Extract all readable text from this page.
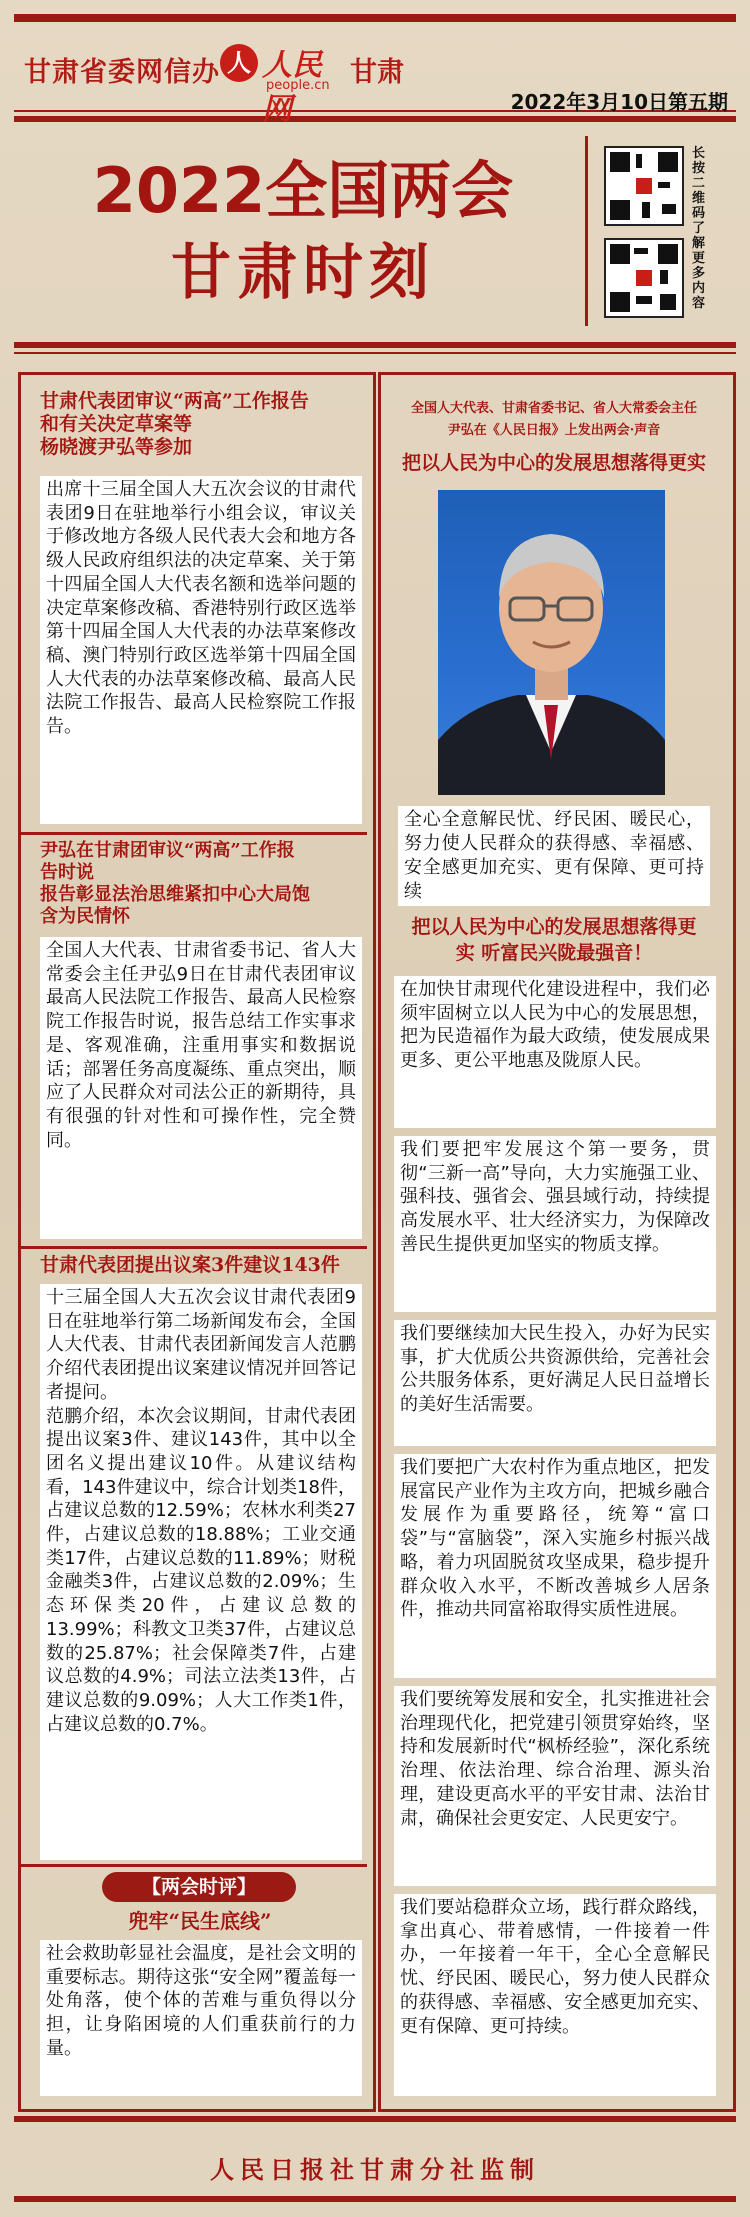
甘肃省委网信办 人 人民网
people.cn 甘肃
2022年3月10日第五期
2022全国两会
甘肃时刻
长按二维码了解更多内容
甘肃代表团审议“两高”工作报告
和有关决定草案等
杨晓渡尹弘等参加
出席十三届全国人大五次会议的甘肃代表团9日在驻地举行小组会议，审议关于修改地方各级人民代表大会和地方各级人民政府组织法的决定草案、关于第十四届全国人大代表名额和选举问题的决定草案修改稿、香港特别行政区选举第十四届全国人大代表的办法草案修改稿、澳门特别行政区选举第十四届全国人大代表的办法草案修改稿、最高人民法院工作报告、最高人民检察院工作报告。
尹弘在甘肃团审议“两高”工作报
告时说
报告彰显法治思维紧扣中心大局饱
含为民情怀
全国人大代表、甘肃省委书记、省人大常委会主任尹弘9日在甘肃代表团审议最高人民法院工作报告、最高人民检察院工作报告时说，报告总结工作实事求是、客观准确，注重用事实和数据说话；部署任务高度凝练、重点突出，顺应了人民群众对司法公正的新期待，具有很强的针对性和可操作性，完全赞同。
甘肃代表团提出议案3件建议143件
十三届全国人大五次会议甘肃代表团9日在驻地举行第二场新闻发布会，全国人大代表、甘肃代表团新闻发言人范鹏介绍代表团提出议案建议情况并回答记者提问。
范鹏介绍，本次会议期间，甘肃代表团提出议案3件、建议143件，其中以全团名义提出建议10件。从建议结构看，143件建议中，综合计划类18件，占建议总数的12.59%；农林水利类27件，占建议总数的18.88%；工业交通类17件，占建议总数的11.89%；财税金融类3件，占建议总数的2.09%；生态环保类20件，占建议总数的13.99%；科教文卫类37件，占建议总数的25.87%；社会保障类7件，占建议总数的4.9%；司法立法类13件，占建议总数的9.09%；人大工作类1件，占建议总数的0.7%。
【两会时评】
兜牢“民生底线”
社会救助彰显社会温度，是社会文明的重要标志。期待这张“安全网”覆盖每一处角落，使个体的苦难与重负得以分担，让身陷困境的人们重获前行的力量。
全国人大代表、甘肃省委书记、省人大常委会主任
尹弘在《人民日报》上发出两会·声音
把以人民为中心的发展思想落得更实
全心全意解民忧、纾民困、暖民心，努力使人民群众的获得感、幸福感、安全感更加充实、更有保障、更可持续
把以人民为中心的发展思想落得更
实 听富民兴陇最强音！
在加快甘肃现代化建设进程中，我们必须牢固树立以人民为中心的发展思想，把为民造福作为最大政绩，使发展成果更多、更公平地惠及陇原人民。
我们要把牢发展这个第一要务，贯彻“三新一高”导向，大力实施强工业、强科技、强省会、强县域行动，持续提高发展水平、壮大经济实力，为保障改善民生提供更加坚实的物质支撑。
我们要继续加大民生投入，办好为民实事，扩大优质公共资源供给，完善社会公共服务体系，更好满足人民日益增长的美好生活需要。
我们要把广大农村作为重点地区，把发展富民产业作为主攻方向，把城乡融合发展作为重要路径，统筹“富口袋”与“富脑袋”，深入实施乡村振兴战略，着力巩固脱贫攻坚成果，稳步提升群众收入水平，不断改善城乡人居条件，推动共同富裕取得实质性进展。
我们要统筹发展和安全，扎实推进社会治理现代化，把党建引领贯穿始终，坚持和发展新时代“枫桥经验”，深化系统治理、依法治理、综合治理、源头治理，建设更高水平的平安甘肃、法治甘肃，确保社会更安定、人民更安宁。
我们要站稳群众立场，践行群众路线，拿出真心、带着感情，一件接着一件办，一年接着一年干，全心全意解民忧、纾民困、暖民心，努力使人民群众的获得感、幸福感、安全感更加充实、更有保障、更可持续。
人民日报社甘肃分社监制
